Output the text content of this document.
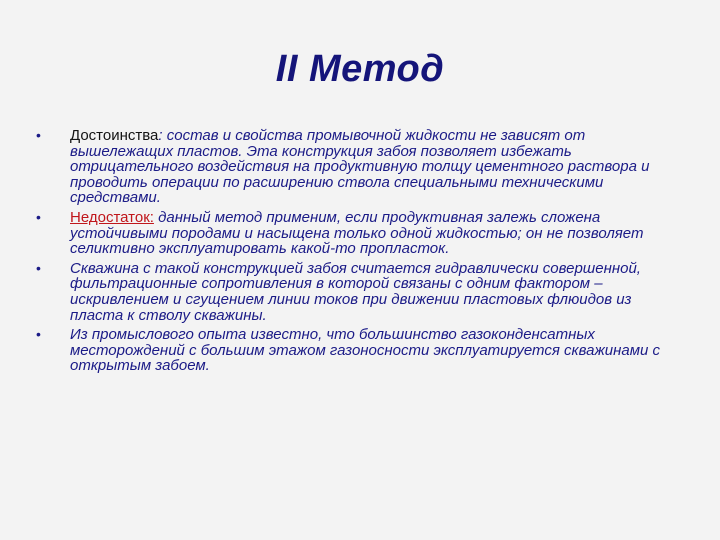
II Метод
• Достоинства: состав и свойства промывочной жидкости не зависят от вышележащих пластов. Эта конструкция забоя позволяет избежать отрицательного воздействия на продуктивную толщу цементного раствора и проводить операции по расширению ствола специальными техническими средствами.
• Недостаток: данный метод применим, если продуктивная залежь сложена устойчивыми породами и насыщена только одной жидкостью; он не позволяет селиктивно эксплуатировать какой-то пропласток.
• Скважина с такой конструкцией забоя считается гидравлически совершенной, фильтрационные сопротивления в которой связаны с одним фактором – искривлением и сгущением линии токов при движении пластовых флюидов из пласта к стволу скважины.
• Из промыслового опыта известно, что большинство газоконденсатных месторождений с большим этажом газоносности эксплуатируется скважинами с открытым забоем.
